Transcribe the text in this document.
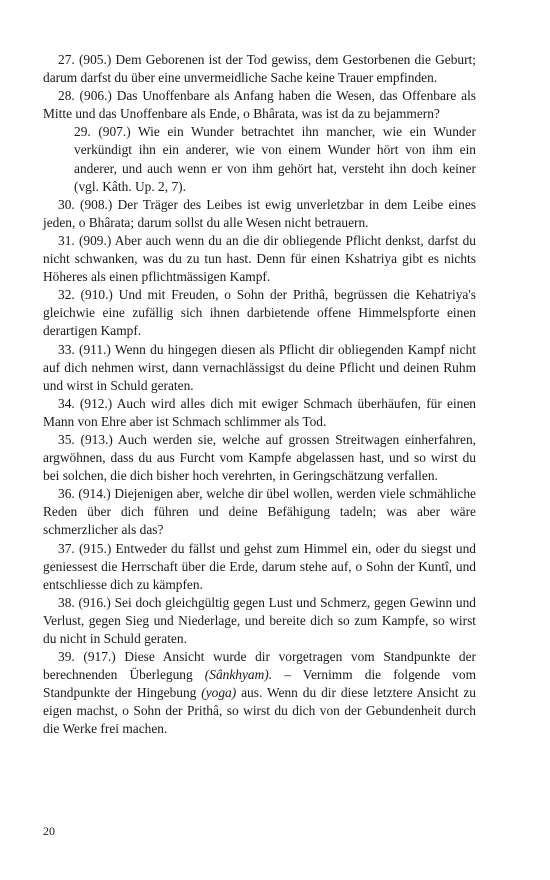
27. (905.) Dem Geborenen ist der Tod gewiss, dem Gestorbenen die Geburt; darum darfst du über eine unvermeidliche Sache keine Trauer empfinden.

28. (906.) Das Unoffenbare als Anfang haben die Wesen, das Offenbare als Mitte und das Unoffenbare als Ende, o Bhârata, was ist da zu bejammern?

29. (907.) Wie ein Wunder betrachtet ihn mancher, wie ein Wunder verkündigt ihn ein anderer, wie von einem Wunder hört von ihm ein anderer, und auch wenn er von ihm gehört hat, versteht ihn doch keiner (vgl. Kâth. Up. 2, 7).

30. (908.) Der Träger des Leibes ist ewig unverletzbar in dem Leibe eines jeden, o Bhârata; darum sollst du alle Wesen nicht betrauern.

31. (909.) Aber auch wenn du an die dir obliegende Pflicht denkst, darfst du nicht schwanken, was du zu tun hast. Denn für einen Kshatriya gibt es nichts Höheres als einen pflichtmässigen Kampf.

32. (910.) Und mit Freuden, o Sohn der Prithâ, begrüssen die Kehatriya's gleichwie eine zufällig sich ihnen darbietende offene Himmelspforte einen derartigen Kampf.

33. (911.) Wenn du hingegen diesen als Pflicht dir obliegenden Kampf nicht auf dich nehmen wirst, dann vernachlässigst du deine Pflicht und deinen Ruhm und wirst in Schuld geraten.

34. (912.) Auch wird alles dich mit ewiger Schmach überhäufen, für einen Mann von Ehre aber ist Schmach schlimmer als Tod.

35. (913.) Auch werden sie, welche auf grossen Streitwagen einherfahren, argwöhnen, dass du aus Furcht vom Kampfe abgelassen hast, und so wirst du bei solchen, die dich bisher hoch verehrten, in Geringschätzung verfallen.

36. (914.) Diejenigen aber, welche dir übel wollen, werden viele schmähliche Reden über dich führen und deine Befähigung tadeln; was aber wäre schmerzlicher als das?

37. (915.) Entweder du fällst und gehst zum Himmel ein, oder du siegst und geniessest die Herrschaft über die Erde, darum stehe auf, o Sohn der Kuntî, und entschliesse dich zu kämpfen.

38. (916.) Sei doch gleichgültig gegen Lust und Schmerz, gegen Gewinn und Verlust, gegen Sieg und Niederlage, und bereite dich so zum Kampfe, so wirst du nicht in Schuld geraten.

39. (917.) Diese Ansicht wurde dir vorgetragen vom Standpunkte der berechnenden Überlegung (Sânkhyam). – Vernimm die folgende vom Standpunkte der Hingebung (yoga) aus. Wenn du dir diese letztere Ansicht zu eigen machst, o Sohn der Prithâ, so wirst du dich von der Gebundenheit durch die Werke frei machen.

20
